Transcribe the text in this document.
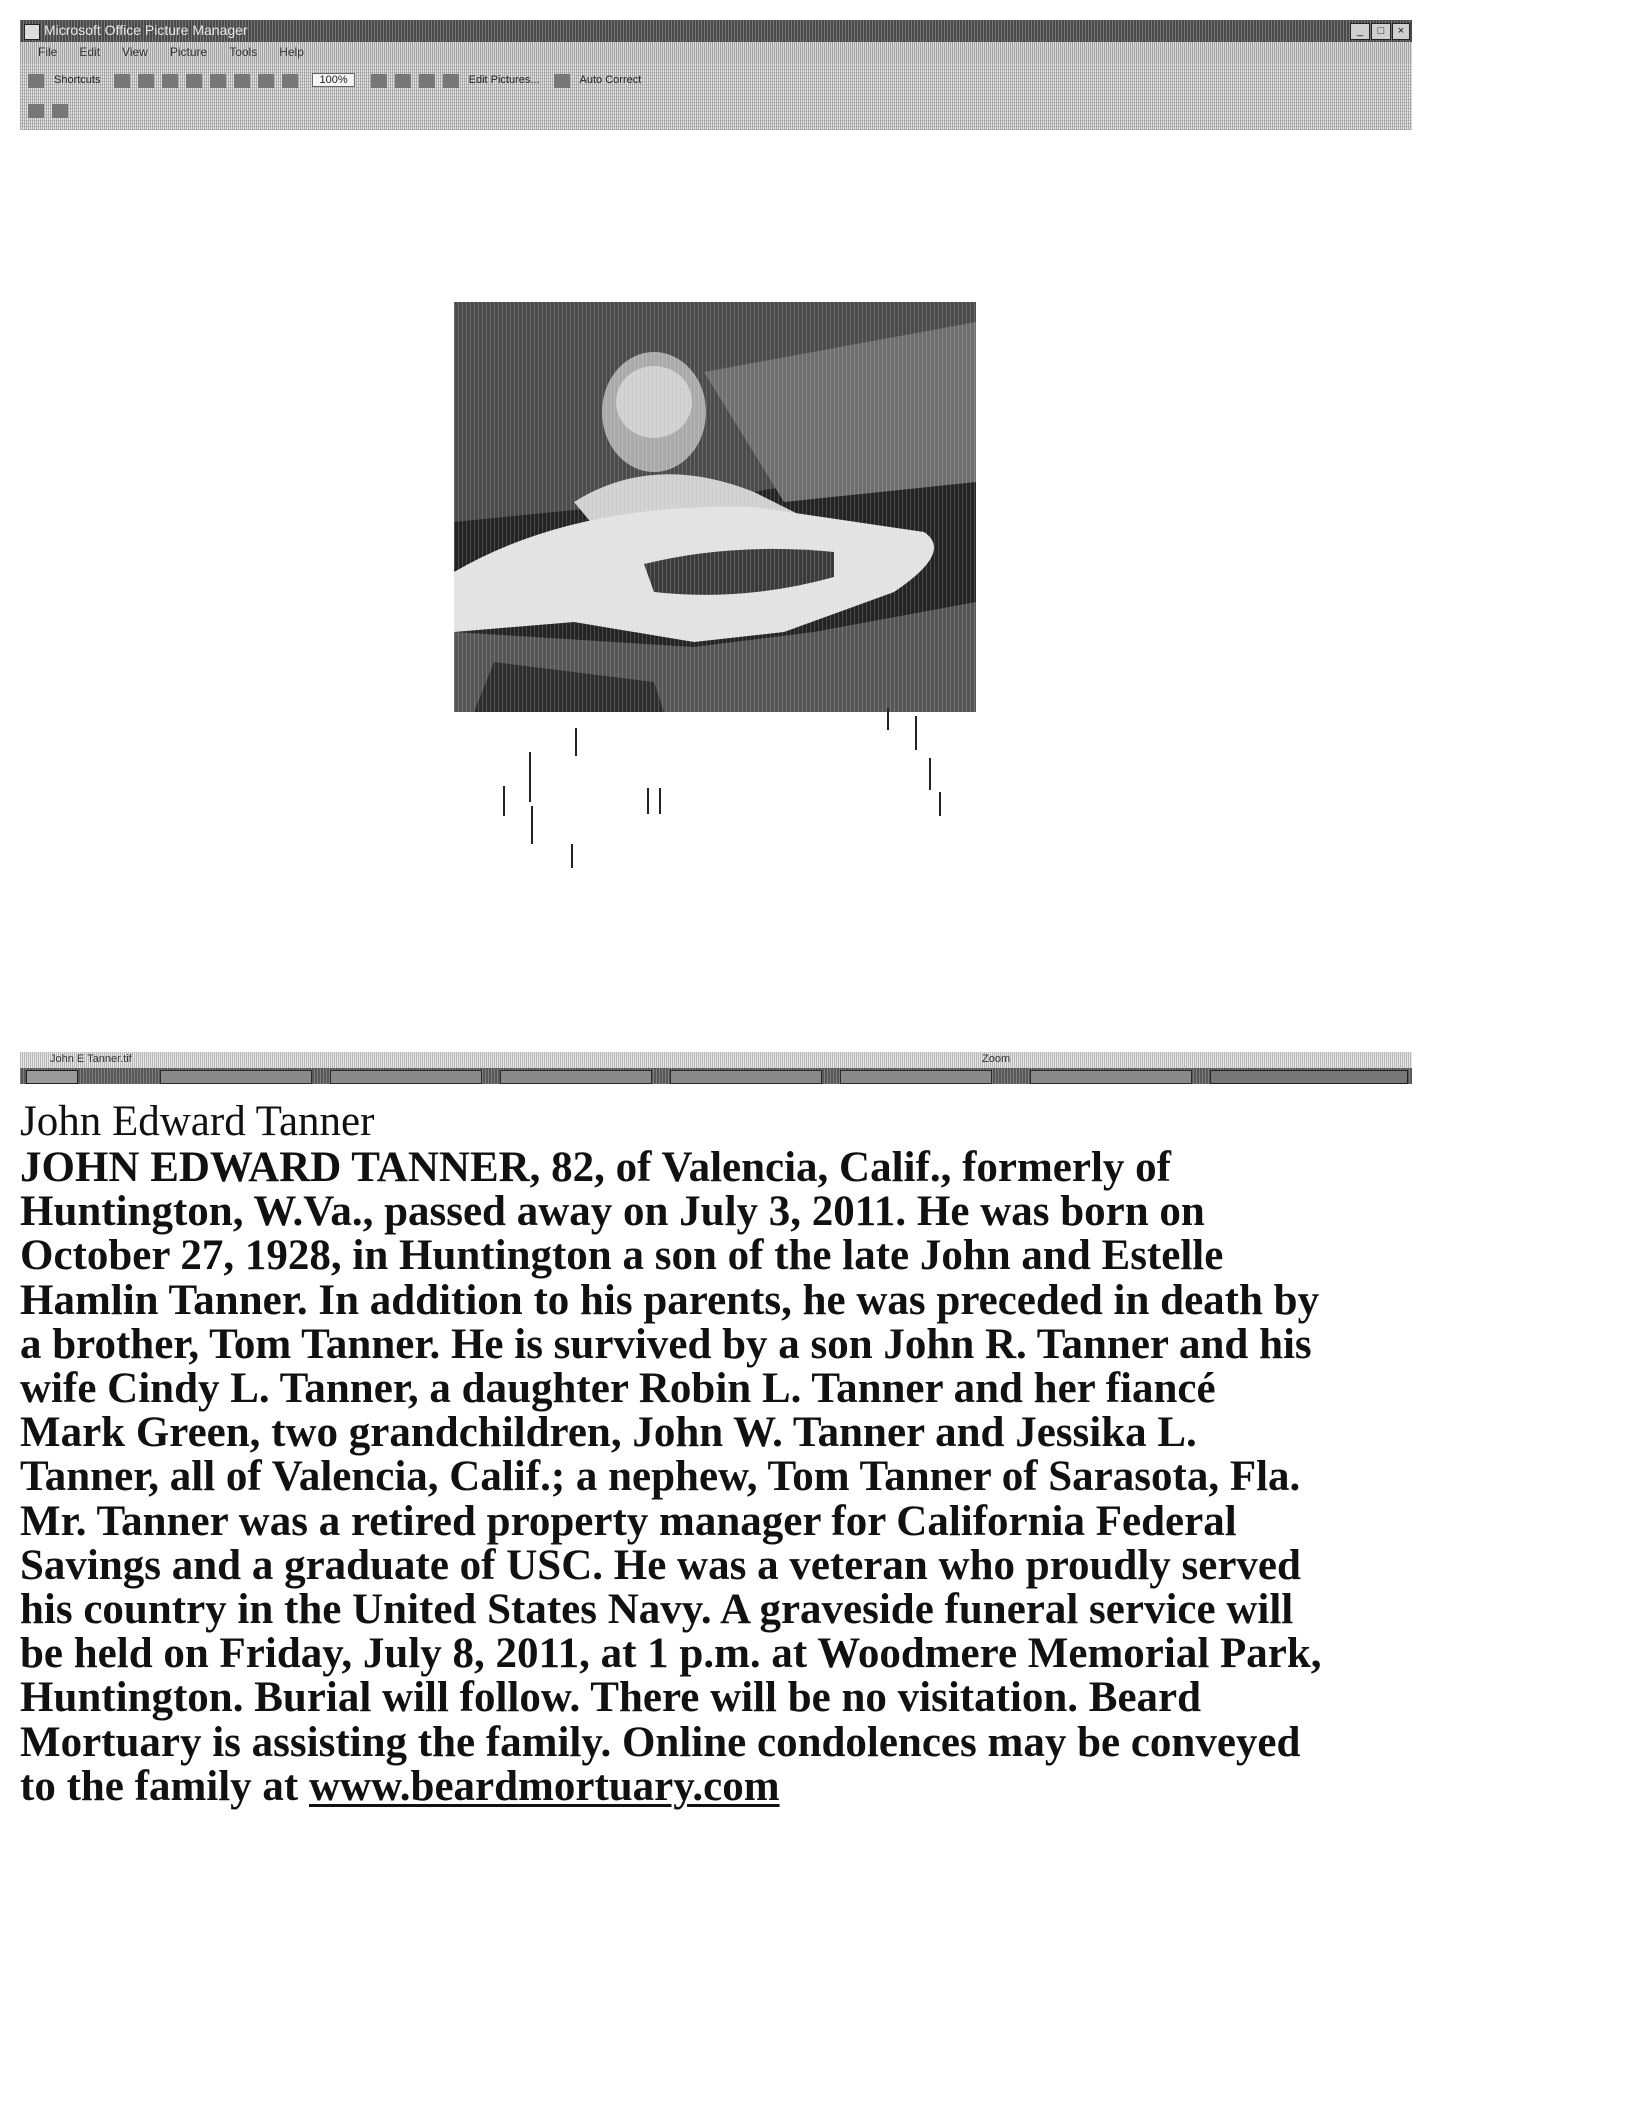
Microsoft Office Picture Manager	_	□	×
File Edit View Picture Tools Help
Shortcuts	100%	Edit Pictures...	Auto Correct

John E Tanner.tif	Zoom
John Edward Tanner
JOHN EDWARD TANNER, 82, of Valencia, Calif., formerly of
Huntington, W.Va., passed away on July 3, 2011. He was born on
October 27, 1928, in Huntington a son of the late John and Estelle
Hamlin Tanner. In addition to his parents, he was preceded in death by
a brother, Tom Tanner. He is survived by a son John R. Tanner and his
wife Cindy L. Tanner, a daughter Robin L. Tanner and her fiancé
Mark Green, two grandchildren, John W. Tanner and Jessika L.
Tanner, all of Valencia, Calif.; a nephew, Tom Tanner of Sarasota, Fla.
Mr. Tanner was a retired property manager for California Federal
Savings and a graduate of USC. He was a veteran who proudly served
his country in the United States Navy. A graveside funeral service will
be held on Friday, July 8, 2011, at 1 p.m. at Woodmere Memorial Park,
Huntington. Burial will follow. There will be no visitation. Beard
Mortuary is assisting the family. Online condolences may be conveyed
to the family at www.beardmortuary.com
